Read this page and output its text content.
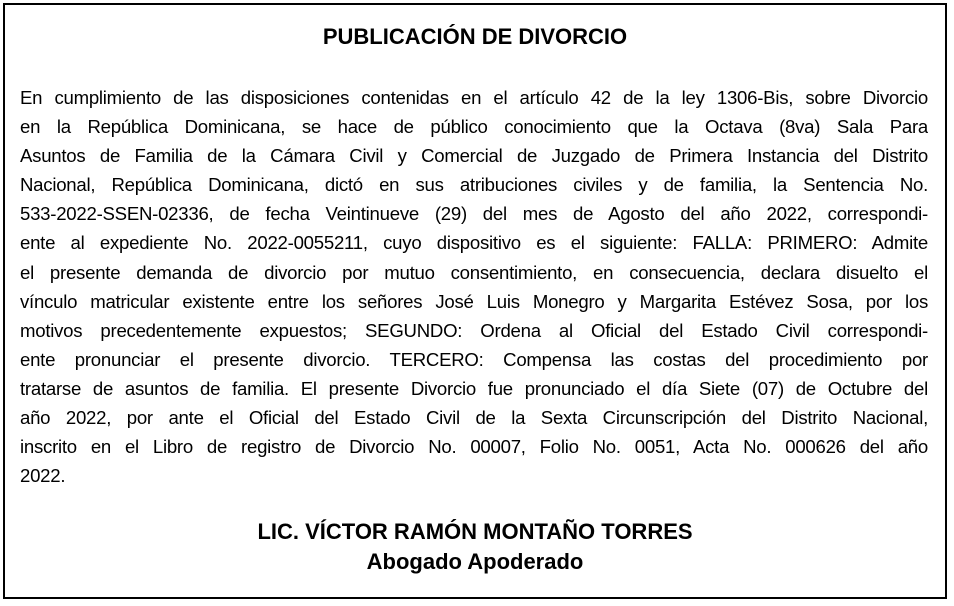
PUBLICACIÓN DE DIVORCIO

En cumplimiento de las disposiciones contenidas en el artículo 42 de la ley 1306-Bis, sobre Divorcio
en la República Dominicana, se hace de público conocimiento que la Octava (8va) Sala Para
Asuntos de Familia de la Cámara Civil y Comercial de Juzgado de Primera Instancia del Distrito
Nacional, República Dominicana, dictó en sus atribuciones civiles y de familia, la Sentencia No.
533-2022-SSEN-02336, de fecha Veintinueve (29) del mes de Agosto del año 2022, correspondi-
ente al expediente No. 2022-0055211, cuyo dispositivo es el siguiente: FALLA: PRIMERO: Admite
el presente demanda de divorcio por mutuo consentimiento, en consecuencia, declara disuelto el
vínculo matricular existente entre los señores José Luis Monegro y Margarita Estévez Sosa, por los
motivos precedentemente expuestos; SEGUNDO: Ordena al Oficial del Estado Civil correspondi-
ente pronunciar el presente divorcio. TERCERO: Compensa las costas del procedimiento por
tratarse de asuntos de familia. El presente Divorcio fue pronunciado el día Siete (07) de Octubre del
año 2022, por ante el Oficial del Estado Civil de la Sexta Circunscripción del Distrito Nacional,
inscrito en el Libro de registro de Divorcio No. 00007, Folio No. 0051, Acta No. 000626 del año
2022.

LIC. VÍCTOR RAMÓN MONTAÑO TORRES
Abogado Apoderado
